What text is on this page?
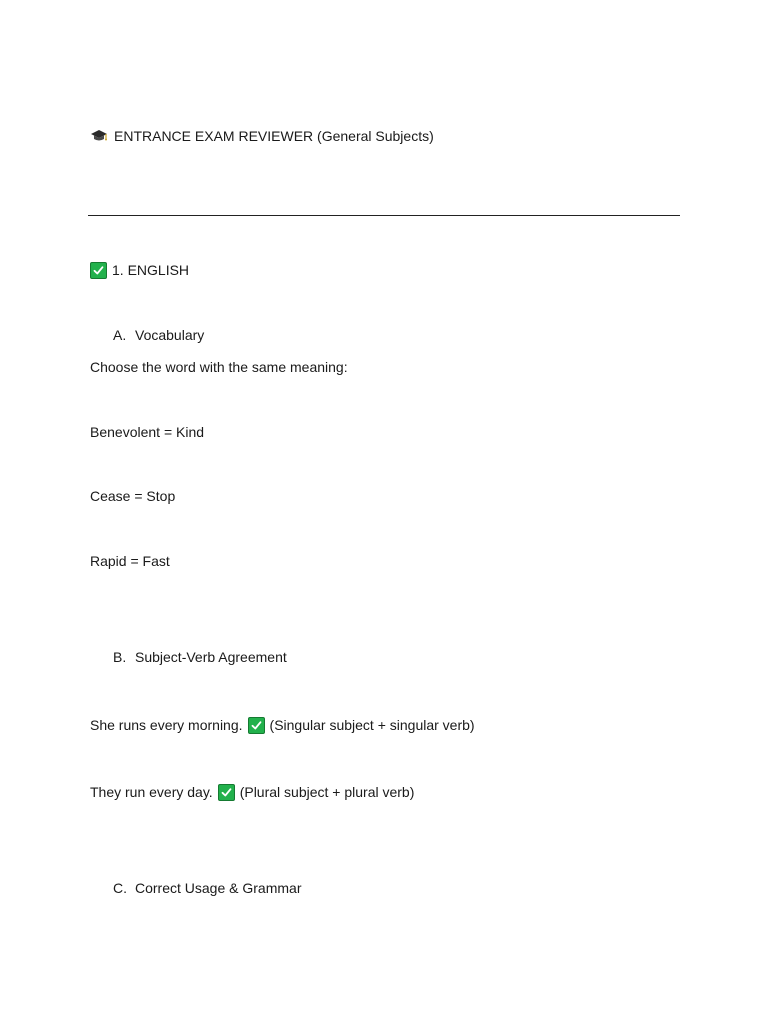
ENTRANCE EXAM REVIEWER (General Subjects)
1. ENGLISH
A. Vocabulary
Choose the word with the same meaning:
Benevolent = Kind
Cease = Stop
Rapid = Fast
B. Subject-Verb Agreement
She runs every morning. (Singular subject + singular verb)
They run every day. (Plural subject + plural verb)
C. Correct Usage & Grammar
